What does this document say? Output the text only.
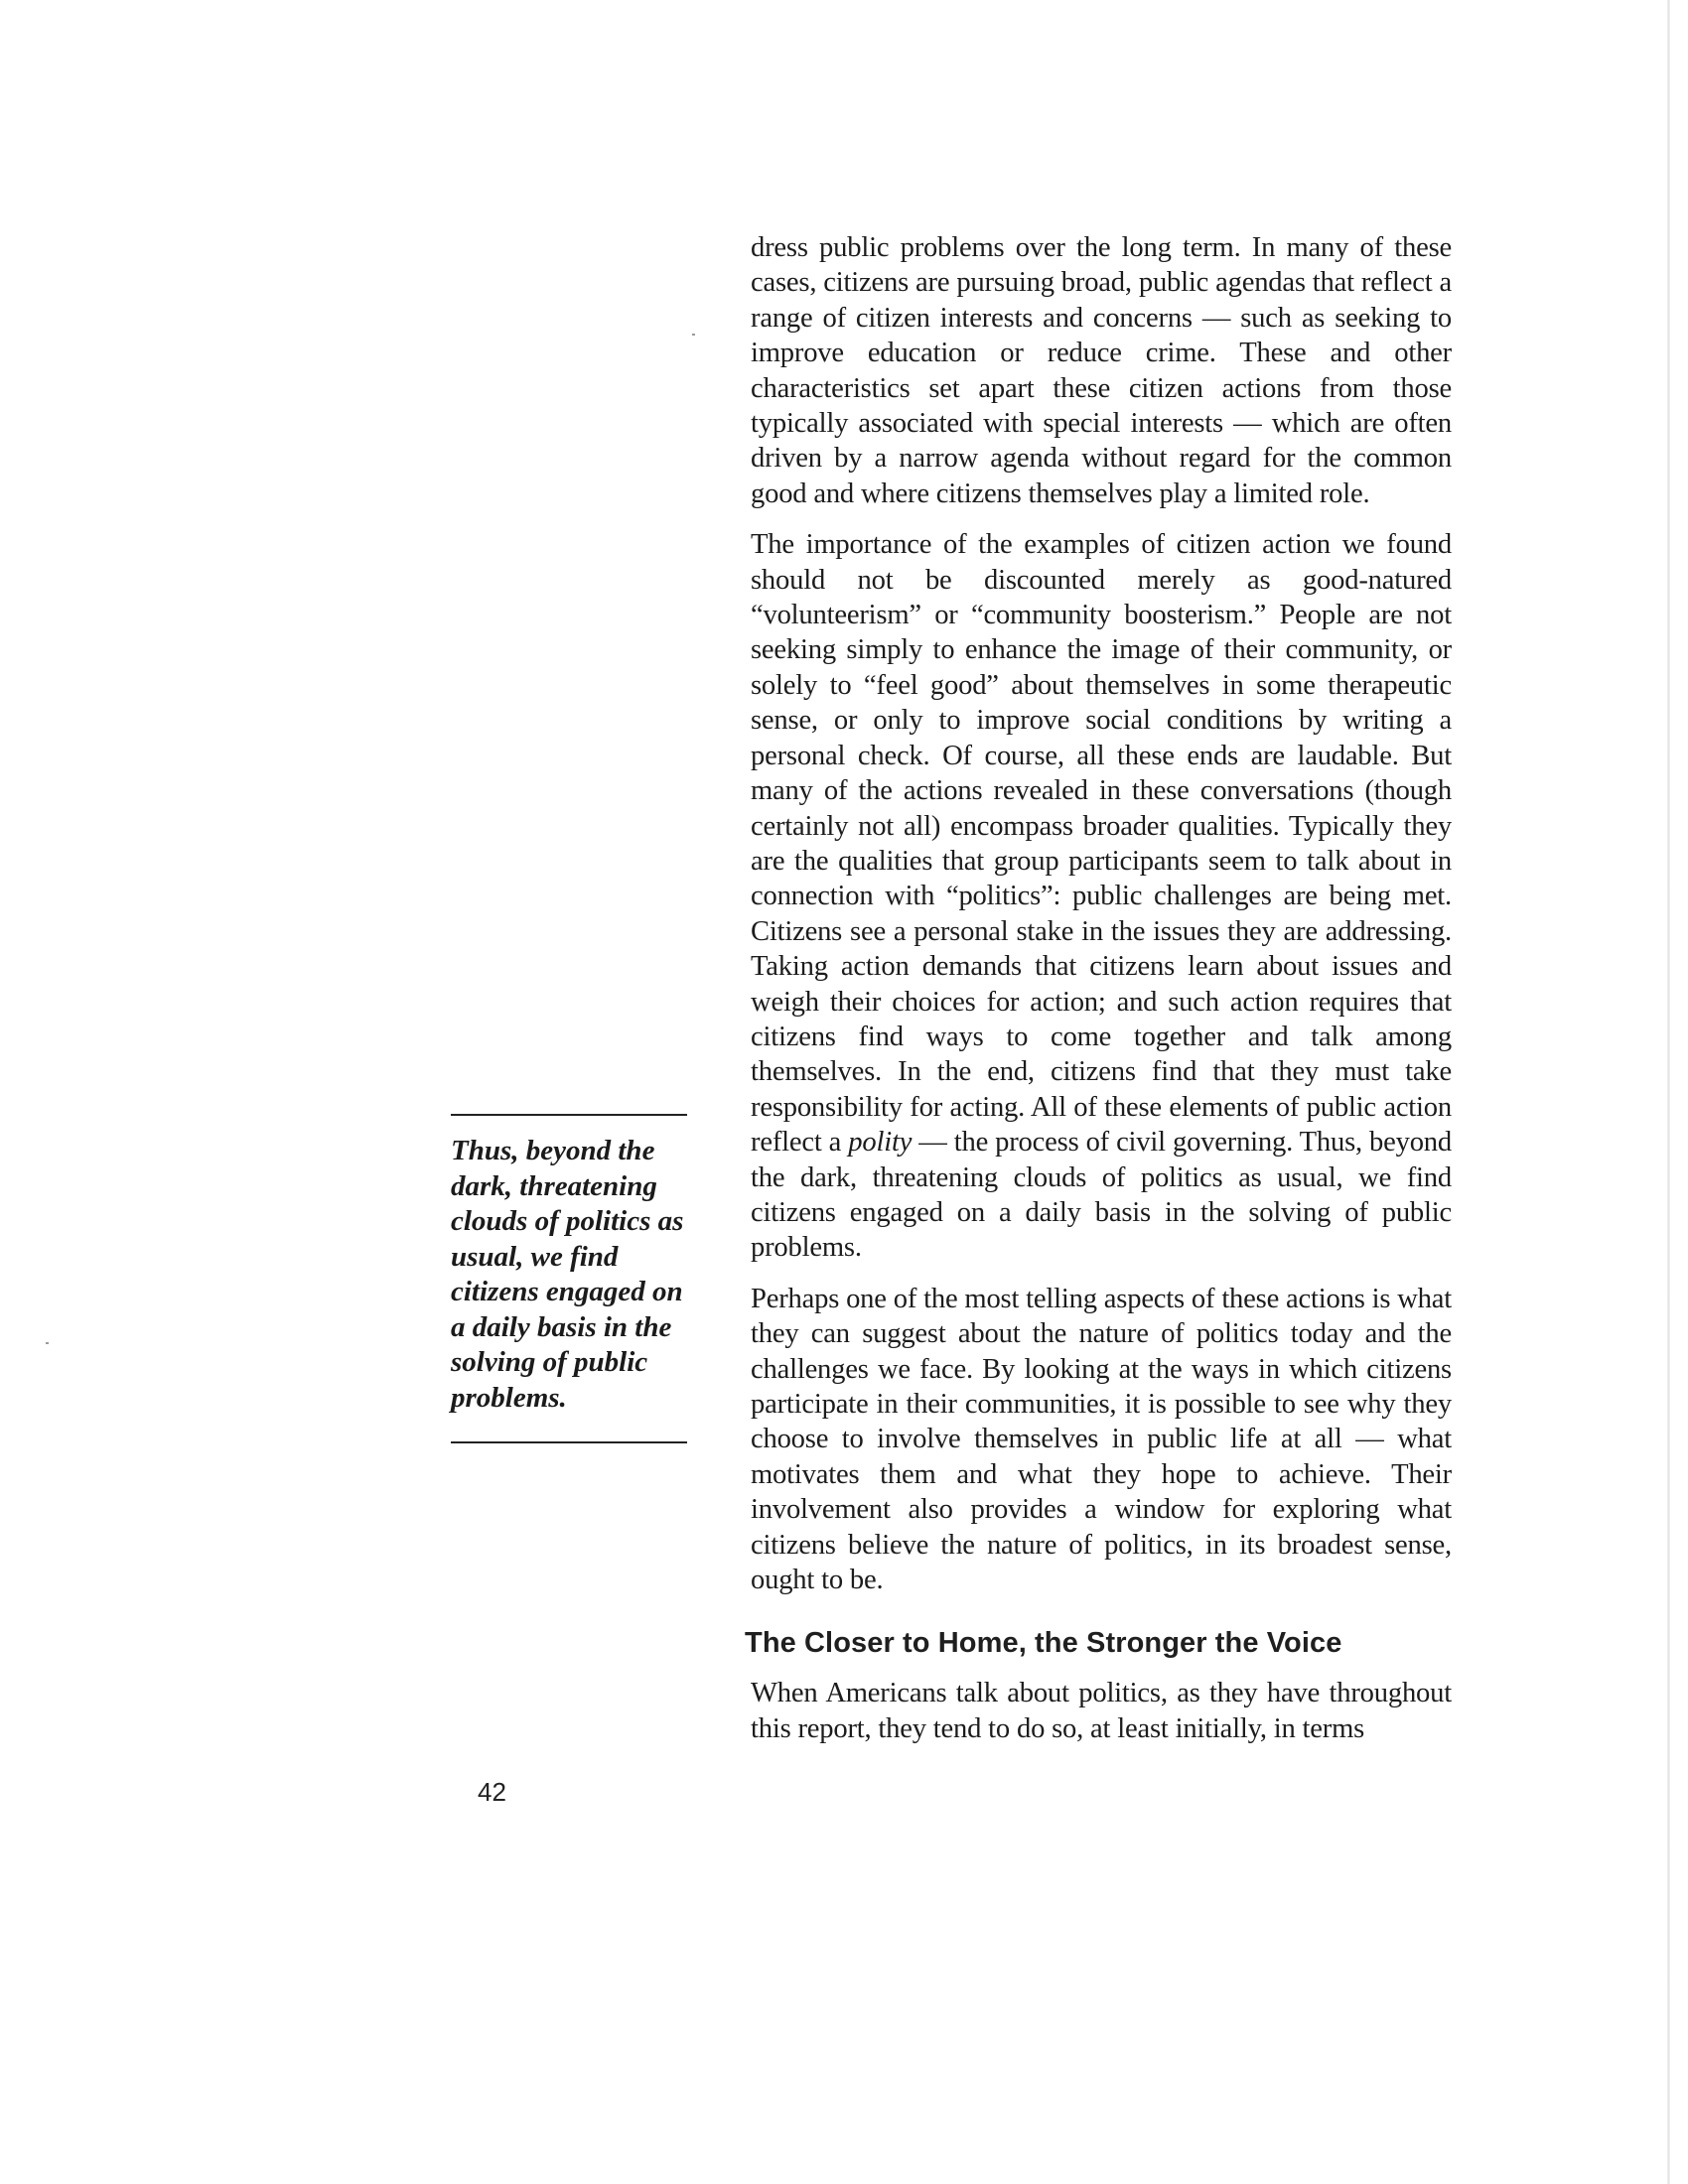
Thus, beyond the dark, threatening clouds of politics as usual, we find citizens engaged on a daily basis in the solving of public problems.

dress public problems over the long term. In many of these cases, citizens are pursuing broad, public agendas that reflect a range of citizen interests and concerns — such as seeking to improve education or reduce crime. These and other characteristics set apart these citizen actions from those typically associated with special interests — which are often driven by a narrow agenda without regard for the common good and where citizens themselves play a limited role.

The importance of the examples of citizen action we found should not be discounted merely as good-natured “volunteerism” or “community boosterism.” People are not seeking simply to enhance the image of their community, or solely to “feel good” about themselves in some therapeutic sense, or only to improve social conditions by writing a personal check. Of course, all these ends are laudable. But many of the actions revealed in these conversations (though certainly not all) encompass broader qualities. Typically they are the qualities that group participants seem to talk about in connection with “politics”: public challenges are being met. Citizens see a personal stake in the issues they are addressing. Taking action demands that citizens learn about issues and weigh their choices for action; and such action requires that citizens find ways to come together and talk among themselves. In the end, citizens find that they must take responsibility for acting. All of these elements of public action reflect a polity — the process of civil governing. Thus, beyond the dark, threatening clouds of politics as usual, we find citizens engaged on a daily basis in the solving of public problems.

Perhaps one of the most telling aspects of these actions is what they can suggest about the nature of politics today and the challenges we face. By looking at the ways in which citizens participate in their communities, it is possible to see why they choose to involve themselves in public life at all — what motivates them and what they hope to achieve. Their involvement also provides a window for exploring what citizens believe the nature of politics, in its broadest sense, ought to be.

The Closer to Home, the Stronger the Voice

When Americans talk about politics, as they have throughout this report, they tend to do so, at least initially, in terms

42
